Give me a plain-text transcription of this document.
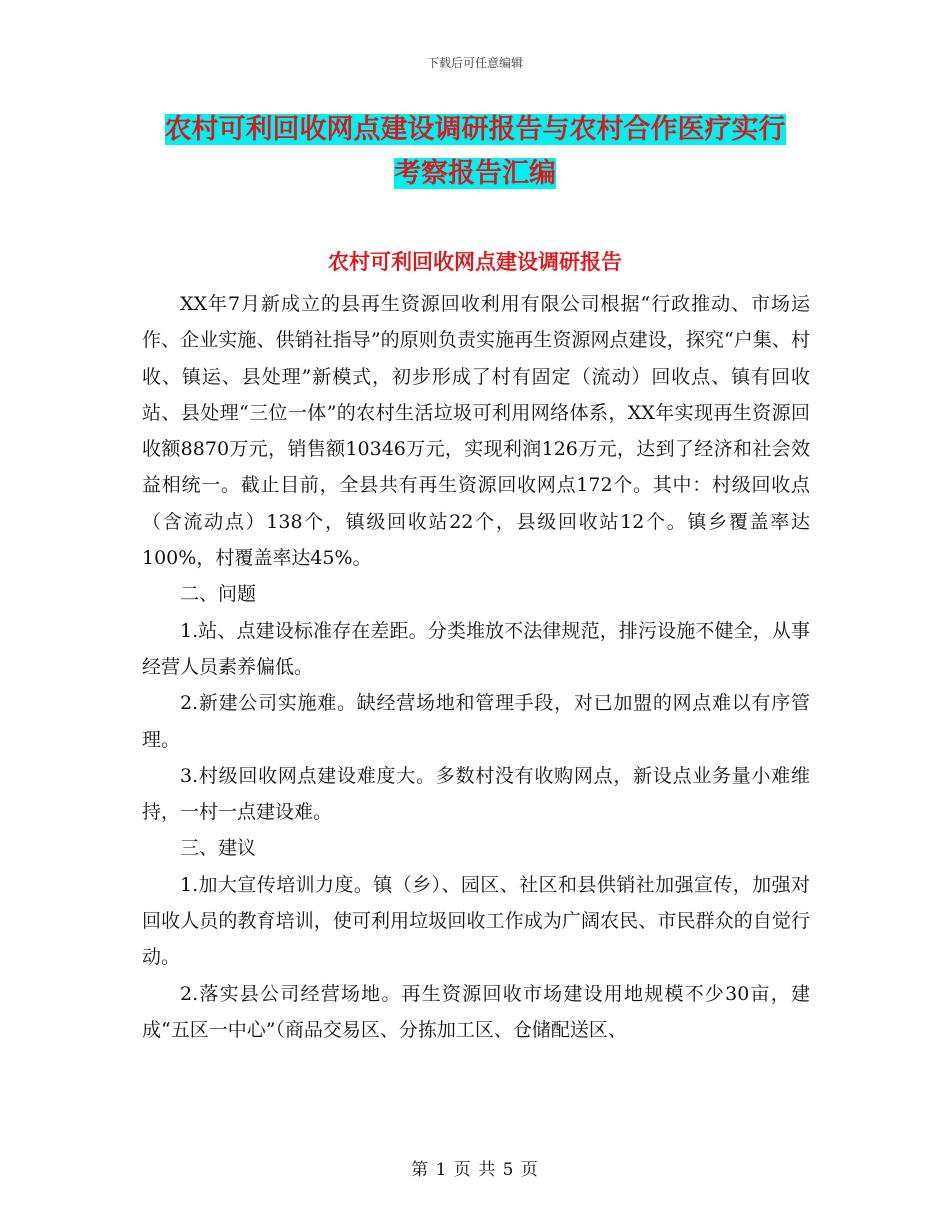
下载后可任意编辑
农村可利回收网点建设调研报告与农村合作医疗实行
考察报告汇编
农村可利回收网点建设调研报告

XX年7月新成立的县再生资源回收利用有限公司根据“行政推动、市场运作、企业实施、供销社指导”的原则负责实施再生资源网点建设，探究“户集、村收、镇运、县处理”新模式，初步形成了村有固定（流动）回收点、镇有回收站、县处理“三位一体”的农村生活垃圾可利用网络体系，XX年实现再生资源回收额8870万元，销售额10346万元，实现利润126万元，达到了经济和社会效益相统一。截止目前，全县共有再生资源回收网点172个。其中：村级回收点（含流动点）138个，镇级回收站22个，县级回收站12个。镇乡覆盖率达100%，村覆盖率达45%。

二、问题

1.站、点建设标准存在差距。分类堆放不法律规范，排污设施不健全，从事经营人员素养偏低。

2.新建公司实施难。缺经营场地和管理手段，对已加盟的网点难以有序管理。

3.村级回收网点建设难度大。多数村没有收购网点，新设点业务量小难维持，一村一点建设难。

三、建议

1.加大宣传培训力度。镇（乡）、园区、社区和县供销社加强宣传，加强对回收人员的教育培训，使可利用垃圾回收工作成为广阔农民、市民群众的自觉行动。

2.落实县公司经营场地。再生资源回收市场建设用地规模不少30亩，建成“五区一中心”（商品交易区、分拣加工区、仓储配送区、

第 1 页 共 5 页
